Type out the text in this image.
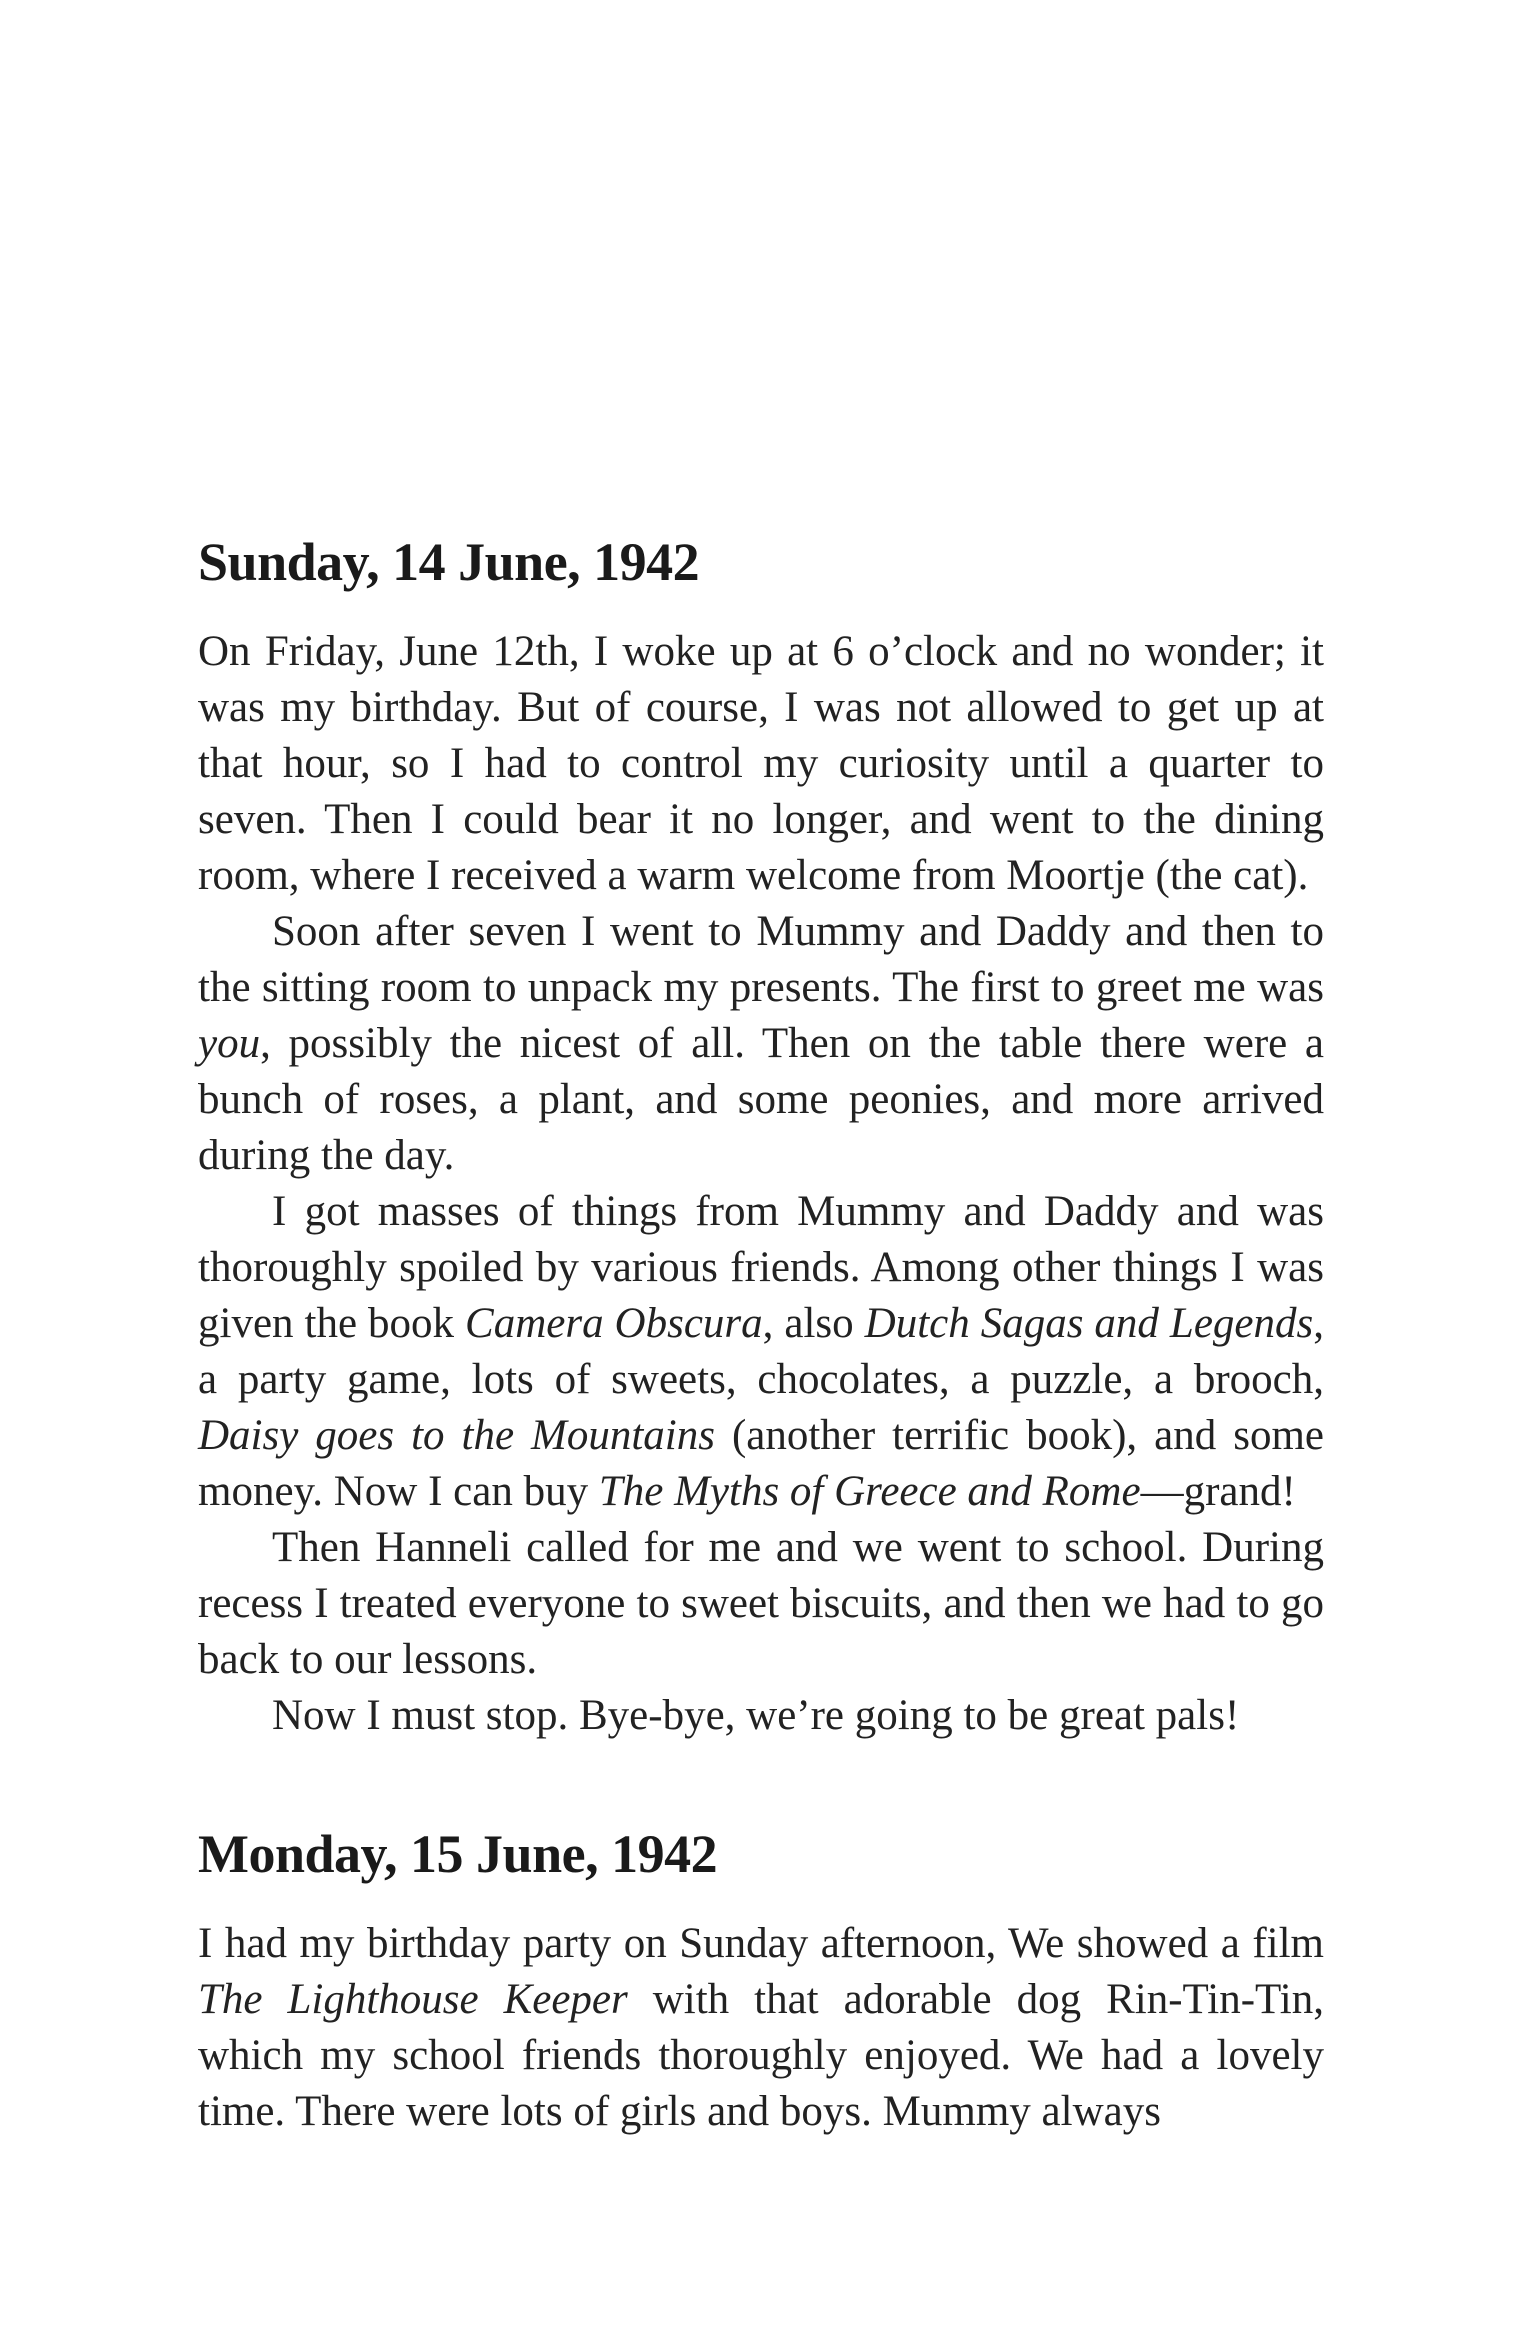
Sunday, 14 June, 1942

On Friday, June 12th, I woke up at 6 o’clock and no wonder; it was my birthday. But of course, I was not allowed to get up at that hour, so I had to control my curiosity until a quarter to seven. Then I could bear it no longer, and went to the dining room, where I received a warm welcome from Moortje (the cat).

Soon after seven I went to Mummy and Daddy and then to the sitting room to unpack my presents. The first to greet me was you, possibly the nicest of all. Then on the table there were a bunch of roses, a plant, and some peonies, and more arrived during the day.

I got masses of things from Mummy and Daddy and was thoroughly spoiled by various friends. Among other things I was given the book Camera Obscura, also Dutch Sagas and Legends, a party game, lots of sweets, chocolates, a puzzle, a brooch, Daisy goes to the Mountains (another terrific book), and some money. Now I can buy The Myths of Greece and Rome—grand!

Then Hanneli called for me and we went to school. During recess I treated everyone to sweet biscuits, and then we had to go back to our lessons.

Now I must stop. Bye-bye, we’re going to be great pals!

Monday, 15 June, 1942

I had my birthday party on Sunday afternoon, We showed a film The Lighthouse Keeper with that adorable dog Rin-Tin-Tin, which my school friends thoroughly enjoyed. We had a lovely time. There were lots of girls and boys. Mummy always
